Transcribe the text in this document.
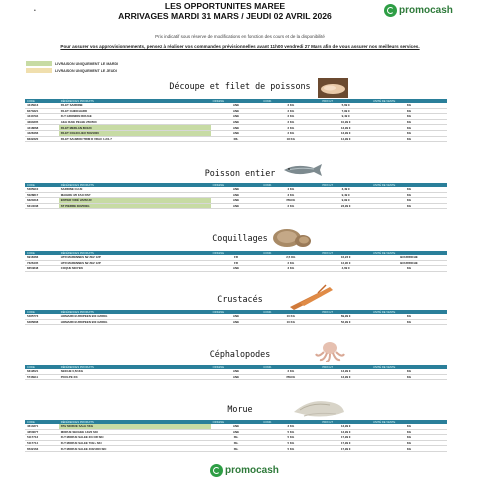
•	LES OPPORTUNITES MAREE
ARRIVAGES MARDI 31 MARS / JEUDI 02 AVRIL 2026	promocash
Prix indicatif sous réserve de modifications en fonction des cours et de la disponibilité
Pour assurer vos approvisionnements, pensez à réaliser vos commandes prévisionnelles avant 11h00 vendredi 27 Mars afin de vous assurer nos meilleurs services.
LIVRAISON UNIQUEMENT LE MARDI
LIVRAISON UNIQUEMENT LE JEUDI
Découpe et filet de poissons
CODE	RÉFÉRENCES PRODUITS	ORIGINE	COND.	PRIX HT	UNITÉ DE VENTE
4445913	FILET SARDINE	ANE	2 KG	5,69 €	KG
8473321	FILET CHINCHARD	ANE	2 KG	7,99 €	KG
4443794	FLT GRONDIN ROUGE	ANE	2 KG	9,49 €	KG
4293305	AILE RAIE PELEE 250/500	ANE	2 KG	10,99 €	KG
4418668	FILET MERLAN 80/120	ANE	2 KG	13,99 €	KG
4428466	FILET COLIN LIEU 500/1000	ANE	2 KG	13,99 €	KG
8332320	FILET SAUMON TRIM D VRAC 1.2/1.7	IRL	18 KG	14,99 €	KG
Poisson entier
CODE	RÉFÉRENCES PRODUITS	ORIGINE	COND.	PRIX HT	UNITÉ DE VENTE
5485910	SARDINE CLUE	ANE	4 KG	3,49 €	KG
5028817	MAIGRE 3/5 FAO PAP	ANE	3 KG	9,49 €	KG
6320318	ENTIER VIDÉ VAPEUR	ANE	PIECE	9,99 €	KG
6314038	ST PIERRE 300/500G	ANE	2 KG	23,99 €	KG
Coquillages
CODE	RÉFÉRENCES PRODUITS	ORIGINE	COND.	PRIX HT	UNITÉ DE VENTE
6918466	HTR MARENNES N2 ZEZ 12P	FR	2,5 KG	16,23 €	BOURRICHE
7326435	HTR MARENNES N2 ZEZ 12P	FR	2 KG	12,90 €	BOURRICHE
8354848	COQUE MOYEN	ANE	3 KG	4,69 €	KG
Crustacés
CODE	RÉFÉRENCES PRODUITS	ORIGINE	COND.	PRIX HT	UNITÉ DE VENTE
5485773	HOMARD EUROPEEN 900 G/800G	ANE	10 KG	69,99 €	KG
6485808	HOMARD EUROPEEN 900 G/800G	ANE	10 KG	52,99 €	KG
Céphalopodes
CODE	RÉFÉRENCES PRODUITS	ORIGINE	COND.	PRIX HT	UNITÉ DE VENTE
6319521	SEICHE 0,5/1KG	ANE	2 KG	13,99 €	KG
5746911	POULPE 2/3	ANE	PIECE	13,99 €	KG
Morue
CODE	RÉFÉRENCES PRODUITS	ORIGINE	COND.	PRIX HT	UNITÉ DE VENTE
4613371	PAV MORUE SALE 5KG	ANE	3 KG	13,99 €	KG
4353677	MORUE SECHEE 14/20 SKI	ANE	5 KG	13,99 €	KG
5117713	FLT MORUE SALEE 2/3 OR SKI	ISL	5 KG	17,99 €	KG
5117714	FLT MORUE SALEE 700/+ SKI	ISL	5 KG	17,99 €	KG
6532163	FLT MORUE SALEE 400/1000 SKI	ISL	5 KG	17,99 €	KG
promocash
